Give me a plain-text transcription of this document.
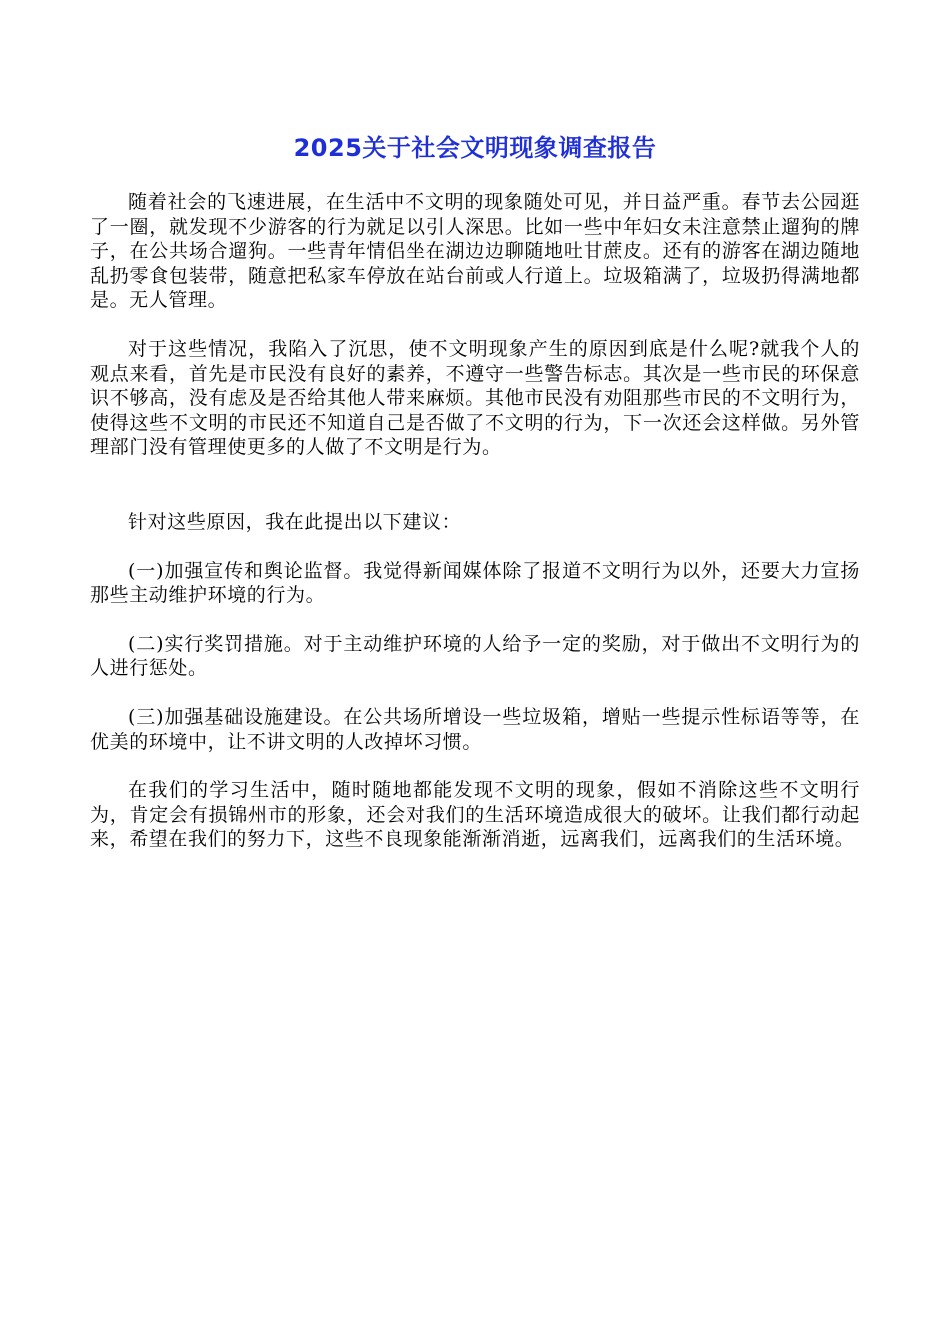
2025关于社会文明现象调查报告

随着社会的飞速进展，在生活中不文明的现象随处可见，并日益严重。春节去公园逛了一圈，就发现不少游客的行为就足以引人深思。比如一些中年妇女未注意禁止遛狗的牌子，在公共场合遛狗。一些青年情侣坐在湖边边聊随地吐甘蔗皮。还有的游客在湖边随地乱扔零食包装带，随意把私家车停放在站台前或人行道上。垃圾箱满了，垃圾扔得满地都是。无人管理。

对于这些情况，我陷入了沉思，使不文明现象产生的原因到底是什么呢?就我个人的观点来看，首先是市民没有良好的素养，不遵守一些警告标志。其次是一些市民的环保意识不够高，没有虑及是否给其他人带来麻烦。其他市民没有劝阻那些市民的不文明行为，使得这些不文明的市民还不知道自己是否做了不文明的行为，下一次还会这样做。另外管理部门没有管理使更多的人做了不文明是行为。

针对这些原因，我在此提出以下建议：

(一)加强宣传和舆论监督。我觉得新闻媒体除了报道不文明行为以外，还要大力宣扬那些主动维护环境的行为。

(二)实行奖罚措施。对于主动维护环境的人给予一定的奖励，对于做出不文明行为的人进行惩处。

(三)加强基础设施建设。在公共场所增设一些垃圾箱，增贴一些提示性标语等等，在优美的环境中，让不讲文明的人改掉坏习惯。

在我们的学习生活中，随时随地都能发现不文明的现象，假如不消除这些不文明行为，肯定会有损锦州市的形象，还会对我们的生活环境造成很大的破坏。让我们都行动起来，希望在我们的努力下，这些不良现象能渐渐消逝，远离我们，远离我们的生活环境。
